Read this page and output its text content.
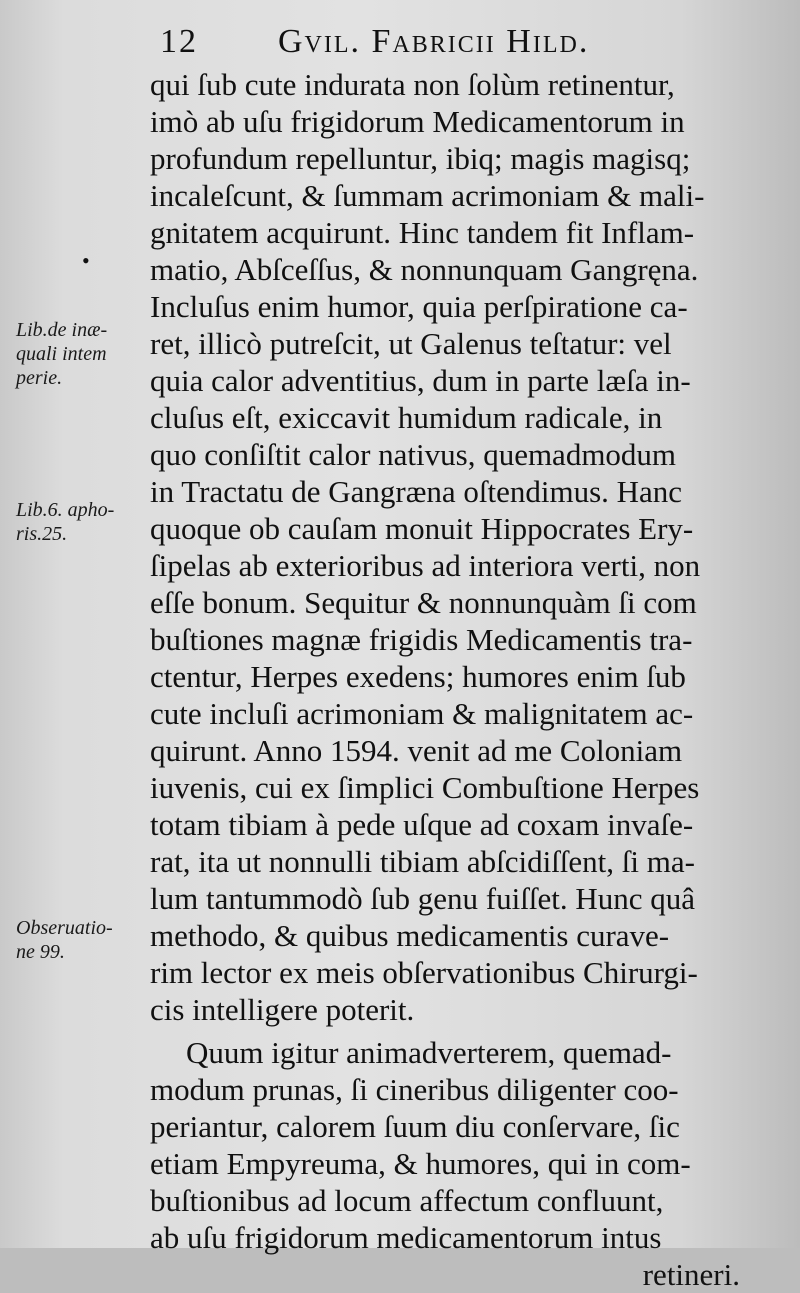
12 Gvil. Fabricii Hild.
•
Lib.de inæ-
quali intem
perie.
Lib.6. apho-
ris.25.
Obseruatio-
ne 99.
qui ſub cute indurata non ſolùm retinentur,
imò ab uſu frigidorum Medicamentorum in
profundum repelluntur, ibiq; magis magisq;
incaleſcunt, & ſummam acrimoniam & mali-
gnitatem acquirunt. Hinc tandem fit Inflam-
matio, Abſceſſus, & nonnunquam Gangręna.
Incluſus enim humor, quia perſpiratione ca-
ret, illicò putreſcit, ut Galenus teſtatur: vel
quia calor adventitius, dum in parte læſa in-
cluſus eſt, exiccavit humidum radicale, in
quo conſiſtit calor nativus, quemadmodum
in Tractatu de Gangræna oſtendimus. Hanc
quoque ob cauſam monuit Hippocrates Ery-
ſipelas ab exterioribus ad interiora verti, non
eſſe bonum. Sequitur & nonnunquàm ſi com
buſtiones magnæ frigidis Medicamentis tra-
ctentur, Herpes exedens; humores enim ſub
cute incluſi acrimoniam & malignitatem ac-
quirunt. Anno 1594. venit ad me Coloniam
iuvenis, cui ex ſimplici Combuſtione Herpes
totam tibiam à pede uſque ad coxam invaſe-
rat, ita ut nonnulli tibiam abſcidiſſent, ſi ma-
lum tantummodò ſub genu fuiſſet. Hunc quâ
methodo, & quibus medicamentis curave-
rim lector ex meis obſervationibus Chirurgi-
cis intelligere poterit.
Quum igitur animadverterem, quemad-
modum prunas, ſi cineribus diligenter coo-
periantur, calorem ſuum diu conſervare, ſic
etiam Empyreuma, & humores, qui in com-
buſtionibus ad locum affectum confluunt,
ab uſu frigidorum medicamentorum intus
retineri.
